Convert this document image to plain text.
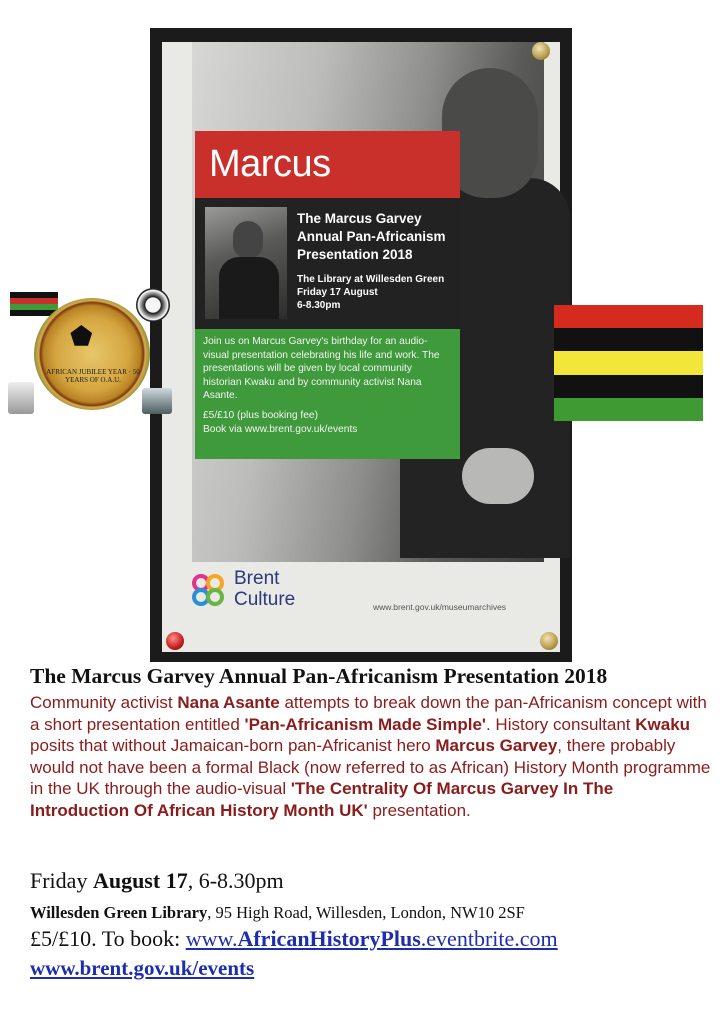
Marcus
The Marcus Garvey
Annual Pan-Africanism
Presentation 2018
The Library at Willesden Green
Friday 17 August
6-8.30pm
Join us on Marcus Garvey's birthday for an audio-visual presentation celebrating his life and work. The presentations will be given by local community historian Kwaku and by community activist Nana Asante.
£5/£10 (plus booking fee)
Book via www.brent.gov.uk/events
Brent
Culture	www.brent.gov.uk/museumarchives
⬟
AFRICAN JUBILEE YEAR · 50 YEARS OF O.A.U.
The Marcus Garvey Annual Pan-Africanism Presentation 2018
Community activist Nana Asante attempts to break down the pan-Africanism concept with a short presentation entitled 'Pan-Africanism Made Simple'. History consultant Kwaku posits that without Jamaican-born pan-Africanist hero Marcus Garvey, there probably would not have been a formal Black (now referred to as African) History Month programme in the UK through the audio-visual 'The Centrality Of Marcus Garvey In The Introduction Of African History Month UK' presentation.
Friday August 17, 6-8.30pm
Willesden Green Library, 95 High Road, Willesden, London, NW10 2SF
£5/£10. To book: www.AfricanHistoryPlus.eventbrite.com
www.brent.gov.uk/events
